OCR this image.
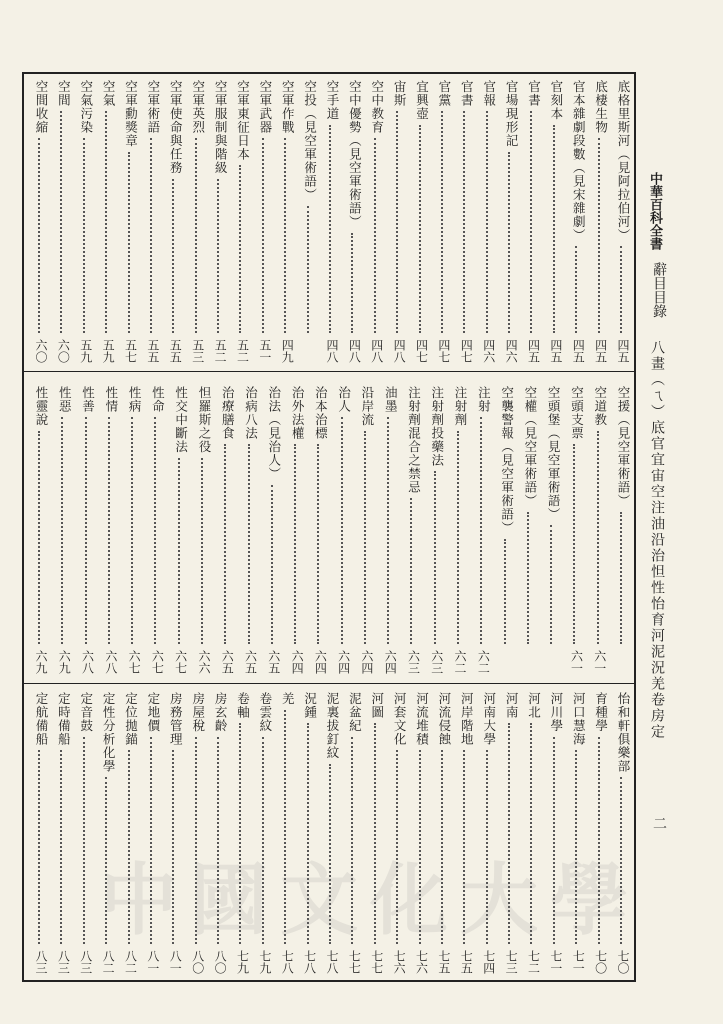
中華百科全書
辭目目錄
八畫（ㄟ）底官宜宙空注油沿治怛性怡育河泥況羌卷房定
二
底格里斯河（見阿拉伯河）
四五
底棲生物
四五
官本雜劇段數（見宋雜劇）
四五
官刻本
四五
官書
四五
官場現形記
四六
官報
四六
官書
四七
官黨
四七
宜興壺
四七
宙斯
四八
空中教育
四八
空中優勢（見空軍術語）
四八
空手道
四八
空投（見空軍術語）
空軍作戰
四九
空軍武器
五一
空軍東征日本
五二
空軍服制與階級
五二
空軍英烈
五三
空軍使命與任務
五五
空軍術語
五五
空軍勳獎章
五七
空氣
五九
空氣污染
五九
空間
六〇
空間收縮
六〇
空援（見空軍術語）
空道教
六一
空頭支票
六一
空頭堡（見空軍術語）
空權（見空軍術語）
空襲警報（見空軍術語）
注射
六二
注射劑
六二
注射劑投藥法
六三
注射劑混合之禁忌
六三
油墨
六四
沿岸流
六四
治人
六四
治本治標
六四
治外法權
六四
治法（見治人）
六五
治病八法
六五
治療膳食
六五
怛羅斯之役
六六
性交中斷法
六七
性命
六七
性病
六七
性情
六八
性善
六八
性惡
六九
性靈說
六九
怡和軒俱樂部
七〇
育種學
七〇
河口慧海
七一
河川學
七一
河北
七二
河南
七三
河南大學
七四
河岸階地
七五
河流侵蝕
七五
河流堆積
七六
河套文化
七六
河圖
七七
泥盆紀
七七
泥裏拔釘紋
七八
況鍾
七八
羌
七八
卷雲紋
七九
卷軸
七九
房玄齡
八〇
房屋稅
八〇
房務管理
八一
定地價
八一
定位拋錨
八二
定性分析化學
八二
定音鼓
八三
定時備船
八三
定航備船
八三
中國文化大學
